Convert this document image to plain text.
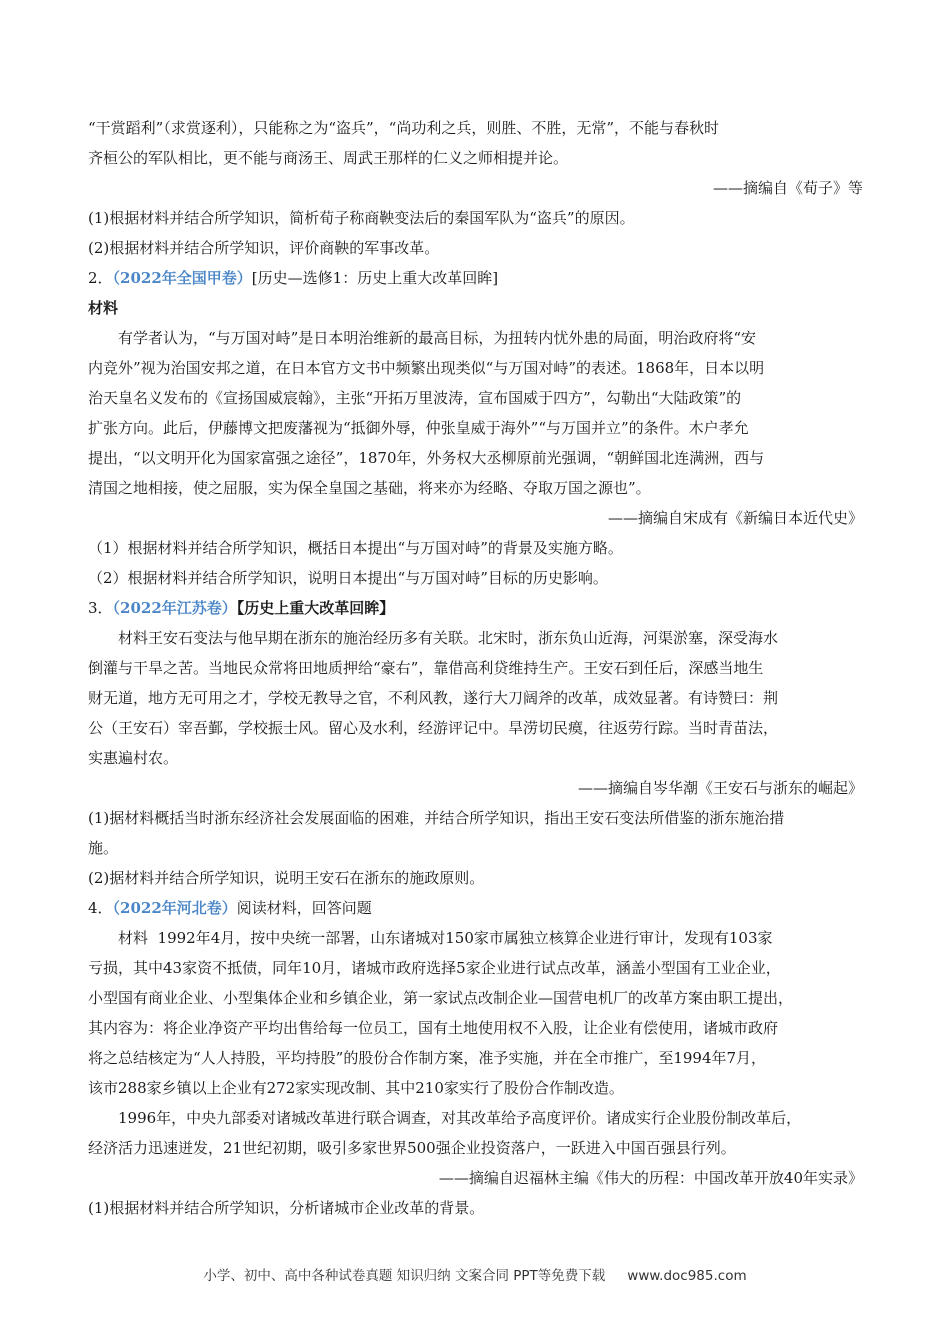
“干赏蹈利”（求赏逐利），只能称之为“盗兵”，“尚功利之兵，则胜、不胜，无常”，不能与春秋时

齐桓公的军队相比，更不能与商汤王、周武王那样的仁义之师相提并论。

——摘编自《荀子》等

(1)根据材料并结合所学知识，简析荀子称商鞅变法后的秦国军队为“盗兵”的原因。

(2)根据材料并结合所学知识，评价商鞅的军事改革。

2．（2022年全国甲卷）[历史—选修1：历史上重大改革回眸]

材料

有学者认为，“与万国对峙”是日本明治维新的最高目标，为扭转内忧外患的局面，明治政府将“安

内竞外”视为治国安邦之道，在日本官方文书中频繁出现类似“与万国对峙”的表述。1868年，日本以明

治天皇名义发布的《宣扬国威宸翰》，主张“开拓万里波涛，宣布国威于四方”，勾勒出“大陆政策”的

扩张方向。此后，伊藤博文把废藩视为“抵御外辱，仲张皇威于海外”“与万国并立”的条件。木户孝允

提出，“以文明开化为国家富强之途径”，1870年，外务权大丞柳原前光强调，“朝鲜国北连满洲，西与

清国之地相接，使之屈服，实为保全皇国之基础，将来亦为经略、夺取万国之源也”。

——摘编自宋成有《新编日本近代史》

（1）根据材料并结合所学知识，概括日本提出“与万国对峙”的背景及实施方略。

（2）根据材料并结合所学知识，说明日本提出“与万国对峙”目标的历史影响。

3．（2022年江苏卷）【历史上重大改革回眸】

材料王安石变法与他早期在浙东的施治经历多有关联。北宋时，浙东负山近海，河渠淤塞，深受海水

倒灌与干旱之苦。当地民众常将田地质押给“豪右”，靠借高利贷维持生产。王安石到任后，深感当地生

财无道，地方无可用之才，学校无教导之官，不利风教，遂行大刀阔斧的改革，成效显著。有诗赞曰：荆

公（王安石）宰吾鄞，学校振士风。留心及水利，经游评记中。旱涝切民瘼，往返劳行踪。当时青苗法，

实惠遍村农。

——摘编自岑华潮《王安石与浙东的崛起》

(1)据材料概括当时浙东经济社会发展面临的困难，并结合所学知识，指出王安石变法所借鉴的浙东施治措

施。

(2)据材料并结合所学知识，说明王安石在浙东的施政原则。

4．（2022年河北卷）阅读材料，回答问题

材料  1992年4月，按中央统一部署，山东诸城对150家市属独立核算企业进行审计，发现有103家

亏损，其中43家资不抵债，同年10月，诸城市政府选择5家企业进行试点改革，涵盖小型国有工业企业，

小型国有商业企业、小型集体企业和乡镇企业，第一家试点改制企业—国营电机厂的改革方案由职工提出，

其内容为：将企业净资产平均出售给每一位员工，国有土地使用权不入股，让企业有偿使用，诸城市政府

将之总结核定为“人人持股，平均持股”的股份合作制方案，准予实施，并在全市推广，至1994年7月，

该市288家乡镇以上企业有272家实现改制、其中210家实行了股份合作制改造。

1996年，中央九部委对诸城改革进行联合调查，对其改革给予高度评价。诸成实行企业股份制改革后，

经济活力迅速迸发，21世纪初期，吸引多家世界500强企业投资落户，一跃进入中国百强县行列。

——摘编自迟福林主编《伟大的历程：中国改革开放40年实录》

(1)根据材料并结合所学知识，分析诸城市企业改革的背景。

小学、初中、高中各种试卷真题 知识归纳 文案合同 PPT等免费下载 www.doc985.com
